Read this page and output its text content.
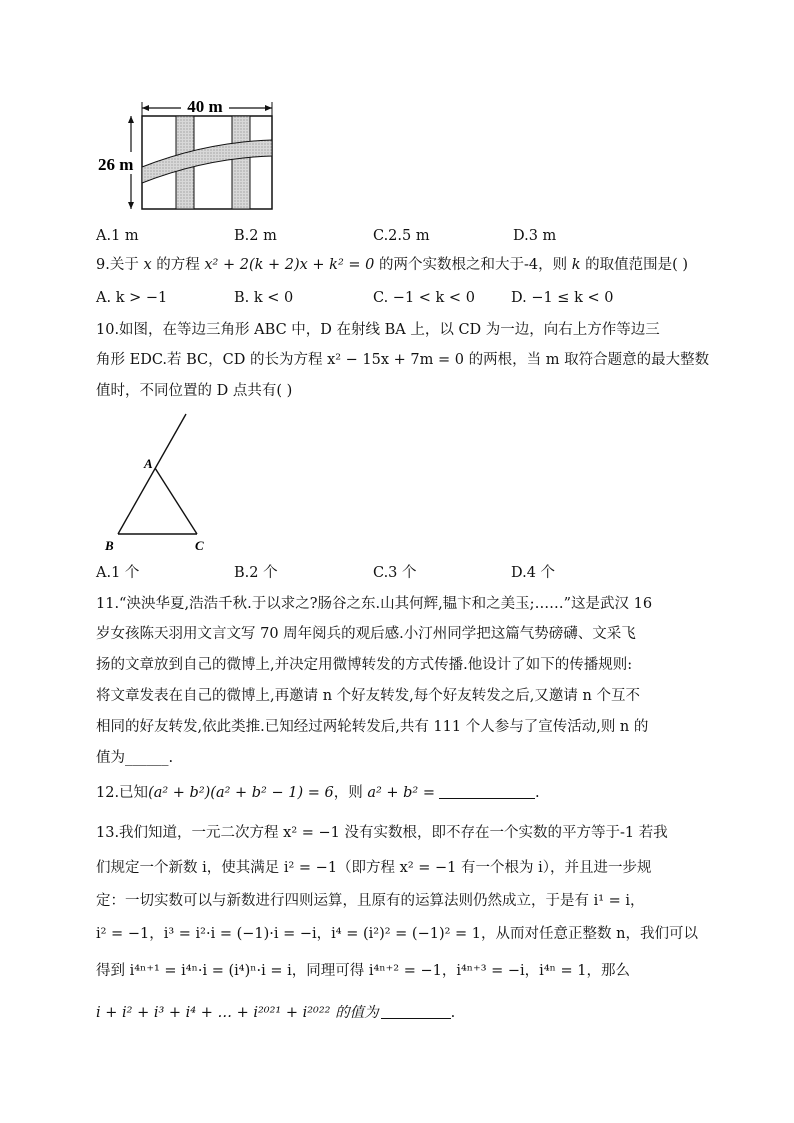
40 m
26 m
A.1 m	B.2 m	C.2.5 m	D.3 m
9.关于 x 的方程 x² + 2(k + 2)x + k² = 0 的两个实数根之和大于-4，则 k 的取值范围是( )
A. k > −1	B. k < 0	C. −1 < k < 0 D. −1 ≤ k < 0
10.如图，在等边三角形 ABC 中，D 在射线 BA 上，以 CD 为一边，向右上方作等边三
角形 EDC.若 BC，CD 的长为方程 x² − 15x + 7m = 0 的两根，当 m 取符合题意的最大整数
值时，不同位置的 D 点共有( )
A
B	C
A.1 个	B.2 个	C.3 个	D.4 个
11.“泱泱华夏,浩浩千秋.于以求之?肠谷之东.山其何辉,韫卞和之美玉;……”这是武汉 16
岁女孩陈天羽用文言文写 70 周年阅兵的观后感.小汀州同学把这篇气势磅礴、文采飞
扬的文章放到自己的微博上,并决定用微博转发的方式传播.他设计了如下的传播规则:
将文章发表在自己的微博上,再邀请 n 个好友转发,每个好友转发之后,又邀请 n 个互不
相同的好友转发,依此类推.已知经过两轮转发后,共有 111 个人参与了宣传活动,则 n 的
值为______.
12.已知(a² + b²)(a² + b² − 1) = 6，则 a² + b² =	.
13.我们知道，一元二次方程 x² = −1 没有实数根，即不存在一个实数的平方等于-1 若我
们规定一个新数 i，使其满足 i² = −1（即方程 x² = −1 有一个根为 i），并且进一步规
定：一切实数可以与新数进行四则运算，且原有的运算法则仍然成立，于是有 i¹ = i，
i² = −1，i³ = i²·i = (−1)·i = −i，i⁴ = (i²)² = (−1)² = 1，从而对任意正整数 n，我们可以
得到 i⁴ⁿ⁺¹ = i⁴ⁿ·i = (i⁴)ⁿ·i = i，同理可得 i⁴ⁿ⁺² = −1，i⁴ⁿ⁺³ = −i，i⁴ⁿ = 1，那么
i + i² + i³ + i⁴ + … + i²⁰²¹ + i²⁰²² 的值为	.
